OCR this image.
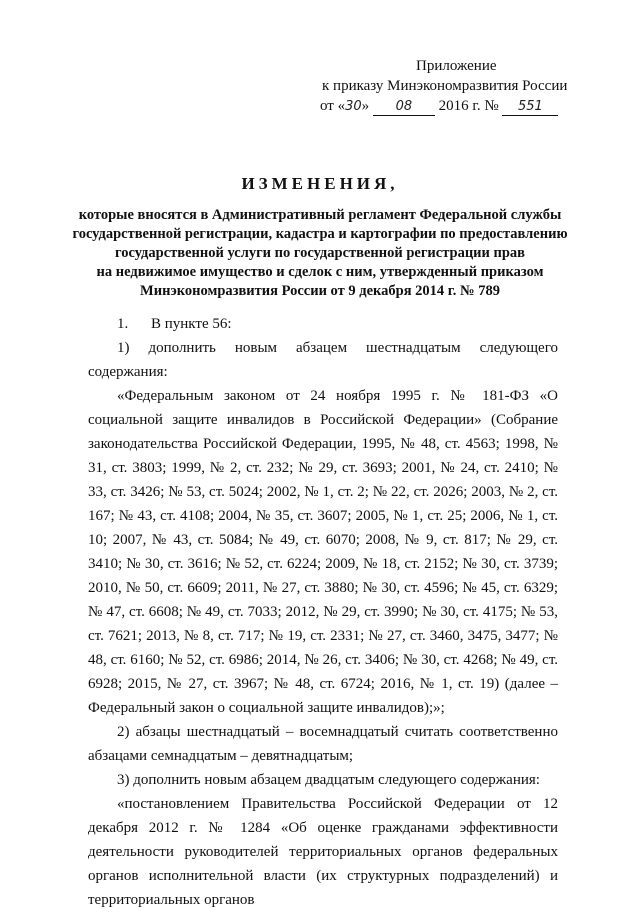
Приложение
к приказу Минэкономразвития России
от «30» 08 2016 г. № 551
ИЗМЕНЕНИЯ,
которые вносятся в Административный регламент Федеральной службы
государственной регистрации, кадастра и картографии по предоставлению
государственной услуги по государственной регистрации прав
на недвижимое имущество и сделок с ним, утвержденный приказом
Минэкономразвития России от 9 декабря 2014 г. № 789

1. В пункте 56:

1) дополнить новым абзацем шестнадцатым следующего содержания:

«Федеральным законом от 24 ноября 1995 г. № 181-ФЗ «О социальной защите инвалидов в Российской Федерации» (Собрание законодательства Российской Федерации, 1995, № 48, ст. 4563; 1998, № 31, ст. 3803; 1999, № 2, ст. 232; № 29, ст. 3693; 2001, № 24, ст. 2410; № 33, ст. 3426; № 53, ст. 5024; 2002, № 1, ст. 2; № 22, ст. 2026; 2003, № 2, ст. 167; № 43, ст. 4108; 2004, № 35, ст. 3607; 2005, № 1, ст. 25; 2006, № 1, ст. 10; 2007, № 43, ст. 5084; № 49, ст. 6070; 2008, № 9, ст. 817; № 29, ст. 3410; № 30, ст. 3616; № 52, ст. 6224; 2009, № 18, ст. 2152; № 30, ст. 3739; 2010, № 50, ст. 6609; 2011, № 27, ст. 3880; № 30, ст. 4596; № 45, ст. 6329; № 47, ст. 6608; № 49, ст. 7033; 2012, № 29, ст. 3990; № 30, ст. 4175; № 53, ст. 7621; 2013, № 8, ст. 717; № 19, ст. 2331; № 27, ст. 3460, 3475, 3477; № 48, ст. 6160; № 52, ст. 6986; 2014, № 26, ст. 3406; № 30, ст. 4268; № 49, ст. 6928; 2015, № 27, ст. 3967; № 48, ст. 6724; 2016, № 1, ст. 19) (далее – Федеральный закон о социальной защите инвалидов);»;

2) абзацы шестнадцатый – восемнадцатый считать соответственно абзацами семнадцатым – девятнадцатым;

3) дополнить новым абзацем двадцатым следующего содержания:

«постановлением Правительства Российской Федерации от 12 декабря 2012 г. № 1284 «Об оценке гражданами эффективности деятельности руководителей территориальных органов федеральных органов исполнительной власти (их структурных подразделений) и территориальных органов
